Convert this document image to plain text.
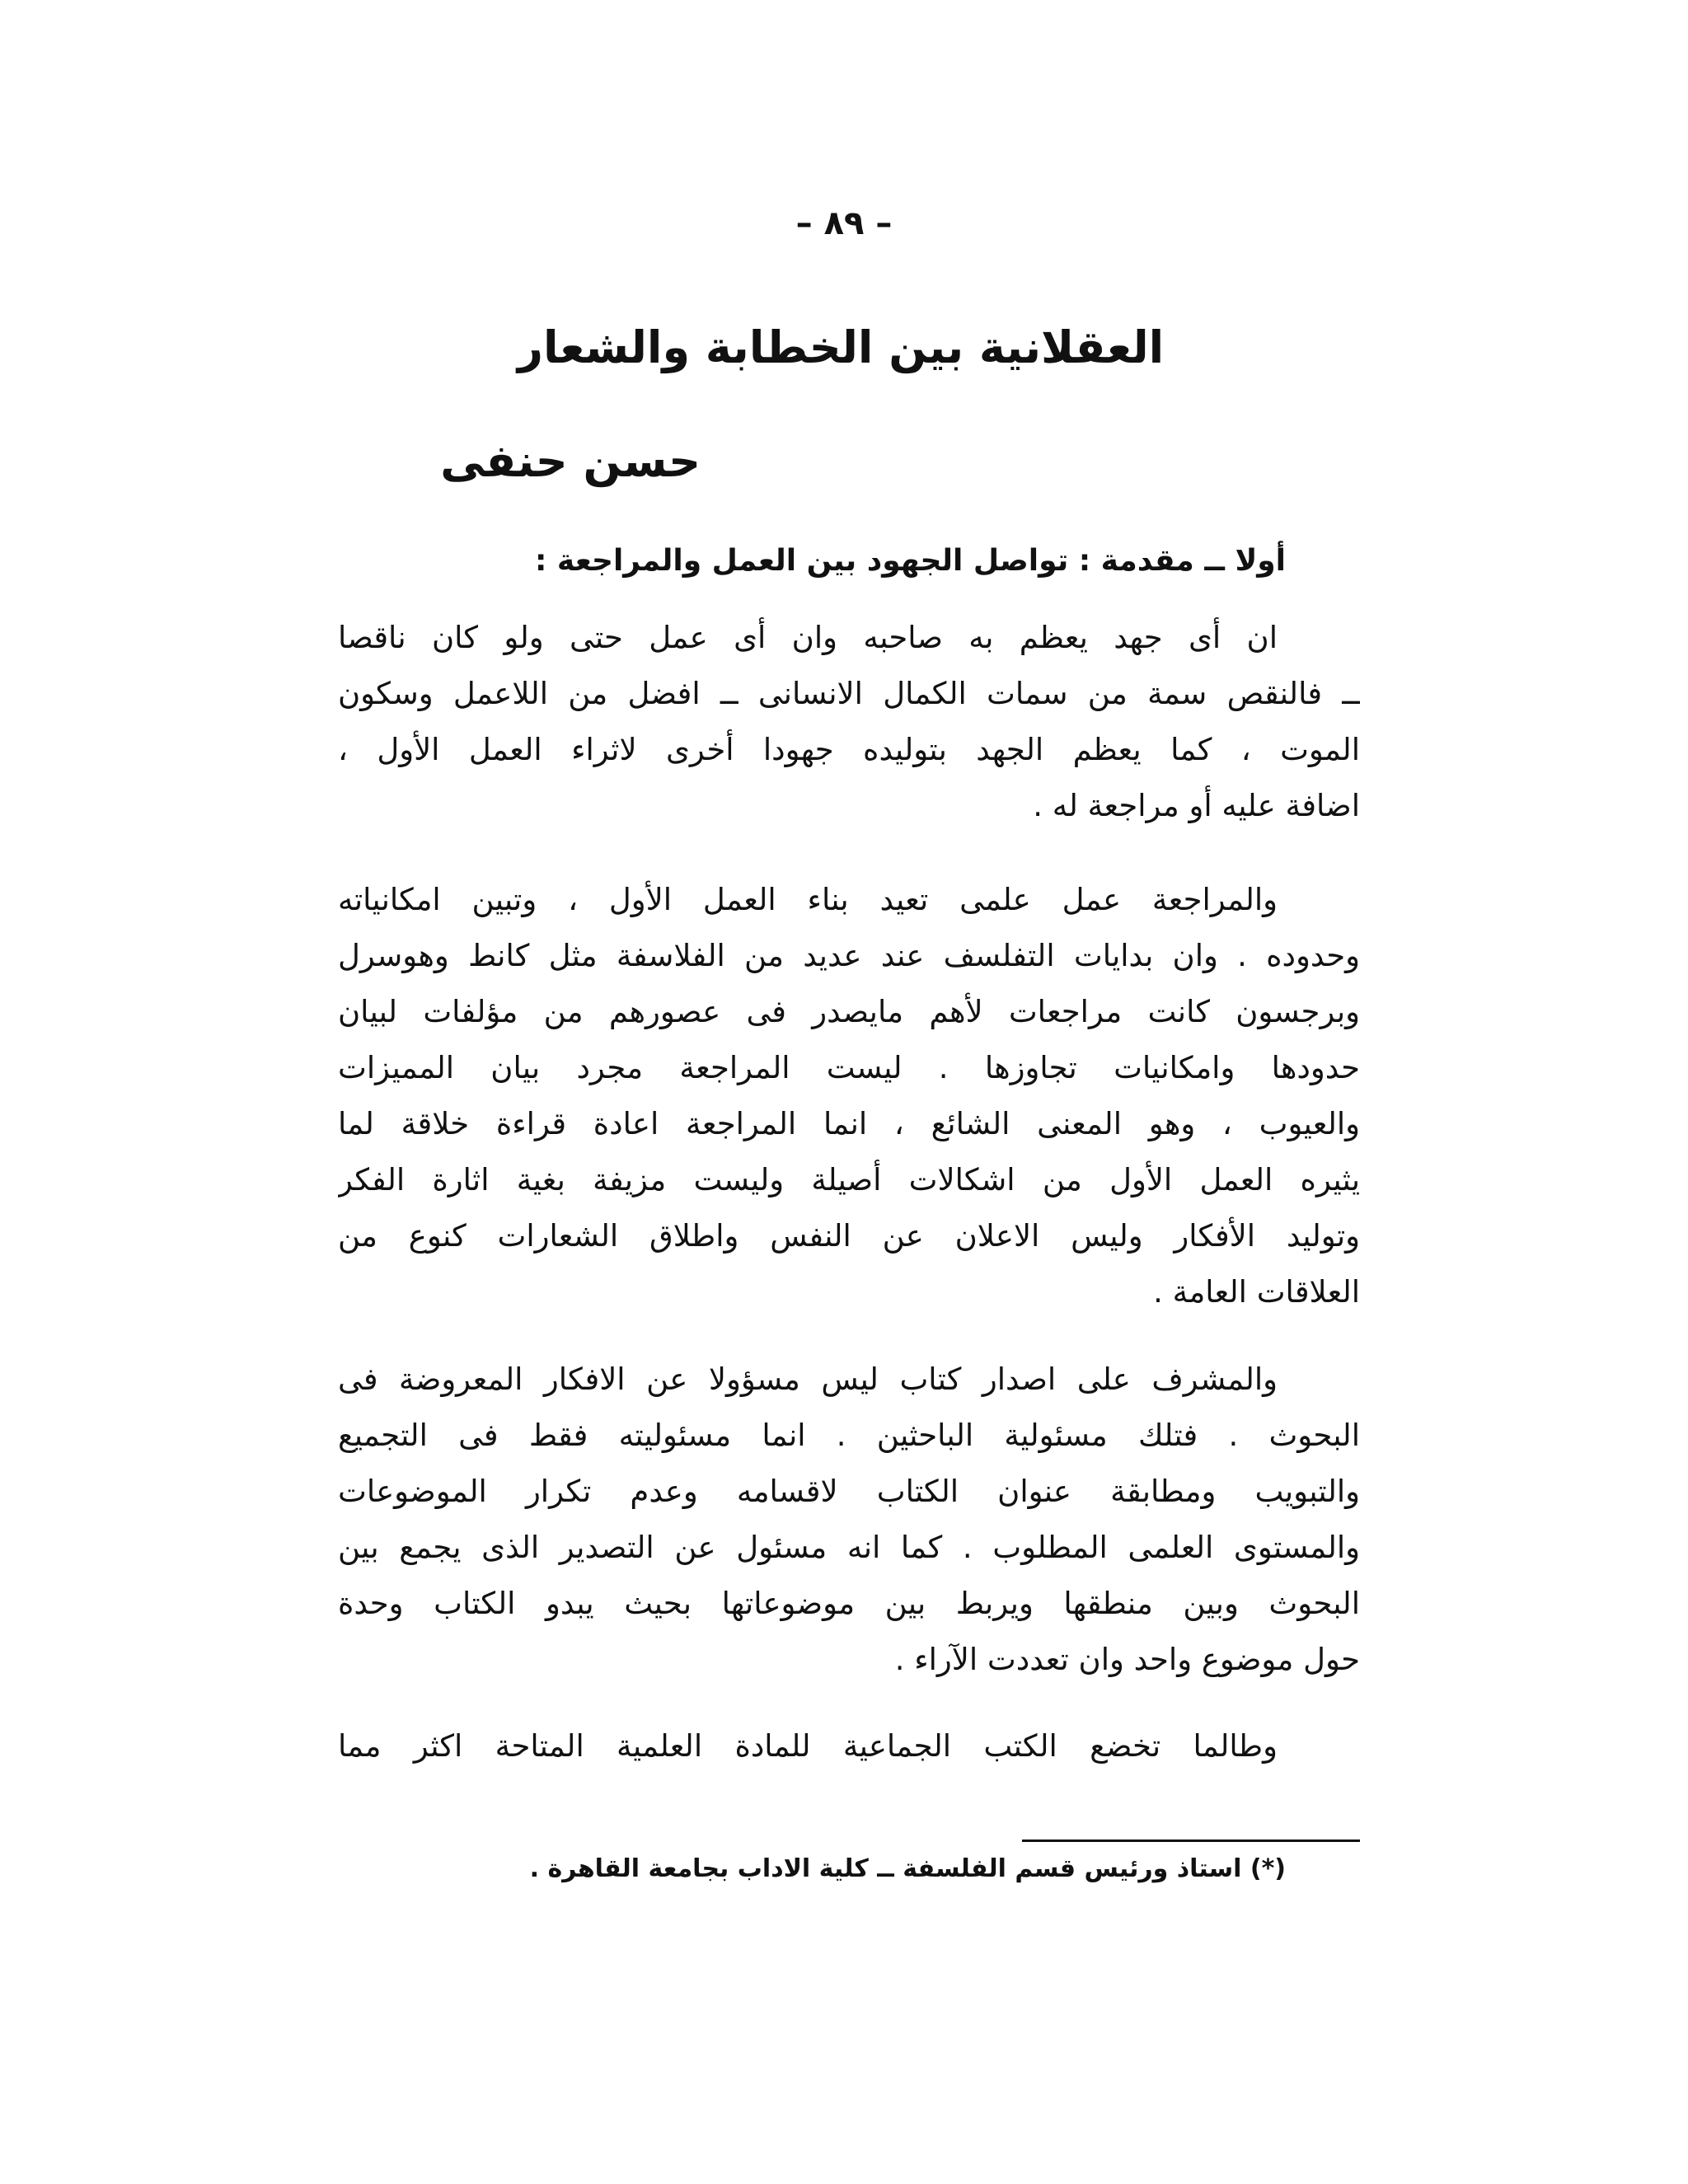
– ٨٩ –
العقلانية بين الخطابة والشعار
حسن حنفى
أولا ــ مقدمة : تواصل الجهود بين العمل والمراجعة :
ان أى جهد يعظم به صاحبه وان أى عمل حتى ولو كان ناقصا
ــ فالنقص سمة من سمات الكمال الانسانى ــ افضل من اللاعمل وسكون
الموت ، كما يعظم الجهد بتوليده جهودا أخرى لاثراء العمل الأول ،
اضافة عليه أو مراجعة له .
والمراجعة عمل علمى تعيد بناء العمل الأول ، وتبين امكانياته
وحدوده . وان بدايات التفلسف عند عديد من الفلاسفة مثل كانط وهوسرل
وبرجسون كانت مراجعات لأهم مايصدر فى عصورهم من مؤلفات لبيان
حدودها وامكانيات تجاوزها . ليست المراجعة مجرد بيان المميزات
والعيوب ، وهو المعنى الشائع ، انما المراجعة اعادة قراءة خلاقة لما
يثيره العمل الأول من اشكالات أصيلة وليست مزيفة بغية اثارة الفكر
وتوليد الأفكار وليس الاعلان عن النفس واطلاق الشعارات كنوع من
العلاقات العامة .
والمشرف على اصدار كتاب ليس مسؤولا عن الافكار المعروضة فى
البحوث . فتلك مسئولية الباحثين . انما مسئوليته فقط فى التجميع
والتبويب ومطابقة عنوان الكتاب لاقسامه وعدم تكرار الموضوعات
والمستوى العلمى المطلوب . كما انه مسئول عن التصدير الذى يجمع بين
البحوث وبين منطقها ويربط بين موضوعاتها بحيث يبدو الكتاب وحدة
حول موضوع واحد وان تعددت الآراء .
وطالما تخضع الكتب الجماعية للمادة العلمية المتاحة اكثر مما
(*) استاذ ورئيس قسم الفلسفة ــ كلية الاداب بجامعة القاهرة .
